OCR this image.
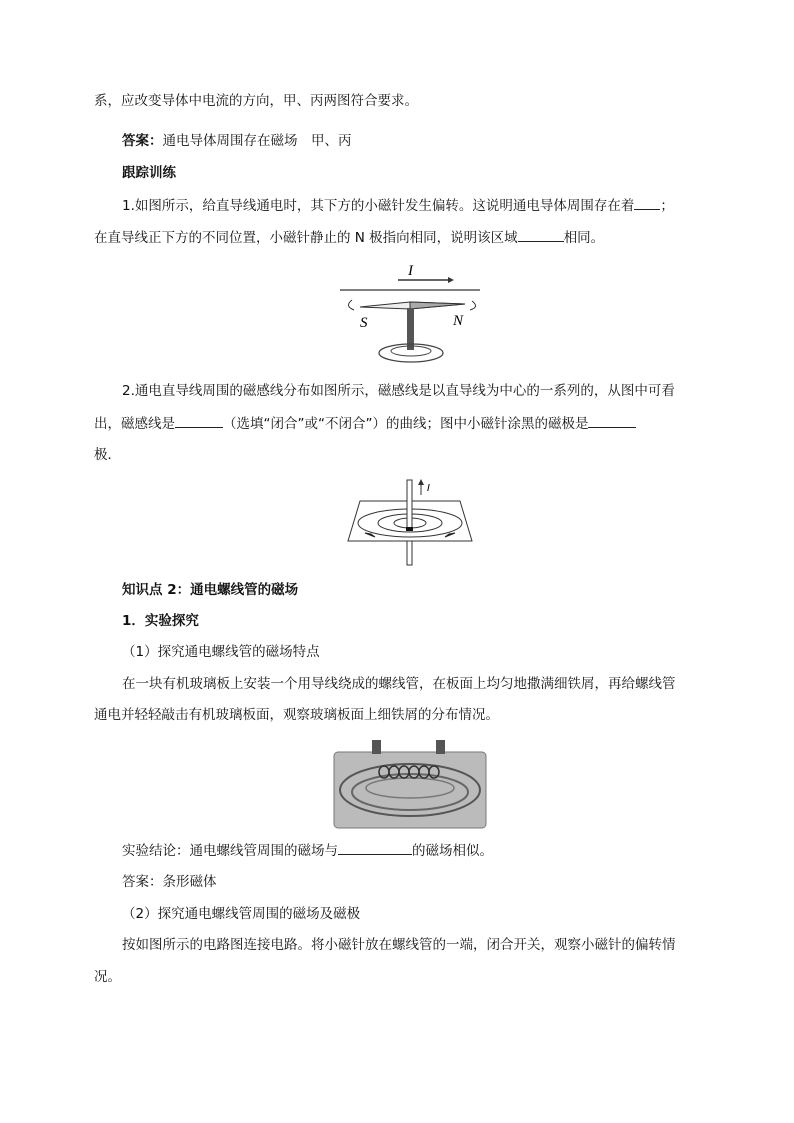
系，应改变导体中电流的方向，甲、丙两图符合要求。
答案：通电导体周围存在磁场　甲、丙
跟踪训练
1.如图所示，给直导线通电时，其下方的小磁针发生偏转。这说明通电导体周围存在着 ；
在直导线正下方的不同位置，小磁针静止的 N 极指向相同，说明该区域	相同。
I
S	N
2.通电直导线周围的磁感线分布如图所示，磁感线是以直导线为中心的一系列的，从图中可看
出，磁感线是	（选填“闭合”或“不闭合”）的曲线；图中小磁针涂黑的磁极是
极．
I
知识点 2：通电螺线管的磁场
1．实验探究
（1）探究通电螺线管的磁场特点
在一块有机玻璃板上安装一个用导线绕成的螺线管，在板面上均匀地撒满细铁屑，再给螺线管
通电并轻轻敲击有机玻璃板面，观察玻璃板面上细铁屑的分布情况。
实验结论：通电螺线管周围的磁场与	的磁场相似。
答案：条形磁体
（2）探究通电螺线管周围的磁场及磁极
按如图所示的电路图连接电路。将小磁针放在螺线管的一端，闭合开关，观察小磁针的偏转情
况。
